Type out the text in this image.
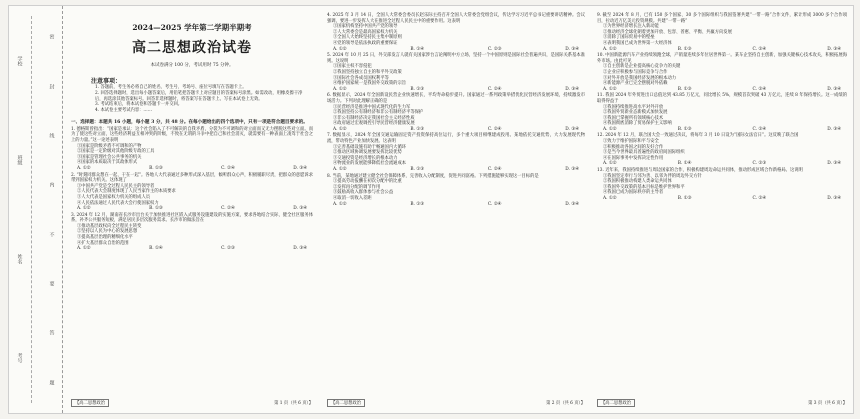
学校
班级
姓名
考号
密
封
线
内
不
要
答
题
2024—2025 学年第二学期半期考
高二思想政治试卷
本试卷满分 100 分，考试用时 75 分钟。
注意事项：
1. 答题前，考生务必将自己的姓名、考生号、考场号、座位号填写在答题卡上。
2. 回答选择题时，选出每小题答案后，用铅笔把答题卡上对应题目的答案标号涂黑。如需改动，用橡皮擦干净后，再选涂其他答案标号。回答非选择题时，将答案写在答题卡上。写在本试卷上无效。
3. 考试结束后，将本试卷和答题卡一并交回。
4. 本试卷主要考试内容：……
一、选择题：本题共 16 小题，每小题 3 分，共 48 分。在每小题给出的四个选项中，只有一项是符合题目要求的。
1. 德格斯曾指出：“国家是承认：这个社会陷入了不可解决的自我矛盾，分裂为不可调和的对立面而又无力摆脱这些对立面。而为了使这些对立面，这些经济利益互相冲突的阶级，不致在无谓的斗争中把自己和社会消灭，就需要有一种表面上凌驾于社会之上的力量。”这一论述表明
①国家是阶级矛盾不可调和的产物
②国家是一定阶级对其他阶级专政的工具
③国家是管理社会公共事务的机关
④国家的本质取决于其政体形式
A. ①②	B. ①③	C. ②④	D. ③④
2. “时刻同群众想在一起、干在一起”。各地人大代表通过多种形式深入基层，倾听群众心声，积极履职尽责，把群众的意愿诉求带到国家权力机关。这体现了
①中国共产党是全过程人民民主的领导者
②人民代表大会制度体现了人民当家作主的本质要求
③人大代表是国家权力机关的组成人员
④人民依法通过人民代表大会行使国家权力
A. ①②	B. ①③	C. ②④	D. ③④
3. 2024 年 12 月，湖南省长沙市出台关于加快推进社区嵌入式服务设施建设的实施方案，要求各地结合实际，健全社区服务体系，补齐公共服务短板，满足居民多层次服务需求。长沙市的做法旨在
①推动基层政权向全过程民主转变
②坚持以人民为中心的发展思想
③提高基层治理的精细化水平
④扩大基层群众自治的范围
A. ①②	B. ①④	C. ②③	D. ③④
4. 2025 年 3 月 14 日，全国人大常委会委员长赵乐际主持召开全国人大常委会党组会议，传达学习习近平总书记重要讲话精神。会议强调，要进一步发挥人大在推进全过程人民民主中的重要作用。这表明
①国家机构坚持中国共产党的领导
②人大常委会是最高国家权力机关
③全国人大始终坚持民主集中制原则
④党的领导是依法执政的重要保证
A. ①②	B. ①④	C. ②③	D. ③④
5. 2024 年 10 月 25 日，外交部发言人就有关国家涉台言论阐明中方立场，坚持一个中国原则是国际社会普遍共识，是国际关系基本准则。这说明
①国家主权不容侵犯
②我国坚持独立自主的和平外交政策
③国际社会各成员国权利平等
④维护国家统一是我国外交政策的宗旨
A. ①②	B. ①③	C. ②④	D. ③④
6. 数据显示，2024 年全国新设民营企业快速增长，平均寿命稳步提升。国家通过一系列政策举措优化民营经济发展环境，持续激发市场活力。下列对此理解正确的是
①民营经济是推进中国式现代化的生力军
②我国坚持公有制经济和非公有制经济平等保护
③非公有制经济决定我国社会主义经济性质
④政府通过宏观调控引导民营经济健康发展
A. ①②	B. ①③	C. ②④	D. ③④
7. 数据显示，2024 年全国交通运输固定资产投资保持高位运行，多个重大项目相继建成投用。某地依托交通优势，大力发展现代物流，带动特色产业加快发展。这表明
①完善基础设施有助于畅通国内大循环
②推动区域协调发展要发挥比较优势
③交通投资是经济增长的根本动力
④物流业的发展能够降低社会流通成本
A. ①②	B. ①③	C. ②④	D. ③④
8. 当前，某地通过建立健全社会保障体系、完善收入分配制度，促进共同富裕。下列措施能够实现这一目标的是
①提高劳动报酬在初次分配中的比重
②发挥再分配的调节作用
③鼓励高收入群体参与社会公益
④取消一切收入差距
A. ①②	B. ①③	C. ②④	D. ③④
9. 截至 2024 年 8 月，已有 150 多个国家、30 多个国际组织与我国签署共建“一带一路”合作文件，累计形成 3000 多个合作项目，拉动近万亿美元投资规模。共建“一带一路”
①为世界经济增长注入新动能
②推动经济全球化朝着更加开放、包容、普惠、平衡、共赢方向发展
③消除了国际贸易中的壁垒
④表明我国已成为世界第一大经济体
A. ①②	B. ①③	C. ②④	D. ③④
10. 中国新能源汽车产业持续领跑全球，产销量连续多年位居世界第一。某车企坚持自主创新，加强关键核心技术攻关，积极拓展海外市场。由此可见
①自主创新是企业提高核心竞争力的关键
②企业应积极参与国际竞争与合作
③对外开放是我国经济发展的根本动力
④新能源产业已完全摆脱对外依赖
A. ①②	B. ①③	C. ②④	D. ③④
11. 我国 2024 年外贸进出口总值达到 43.85 万亿元，同比增长 5%，规模首次突破 43 万亿元，连续 8 年保持增长。这一成绩的取得得益于
①我国持续推进高水平对外开放
②我国外贸新业态新模式加快发展
③我国已掌握所有领域核心技术
④我国彻底消除了贸易保护主义影响
A. ①②	B. ①③	C. ②④	D. ③④
12. 2024 年 12 月，联合国大会一致通过决议，将每年 3 月 10 日设为“国际女法官日”。这反映了联合国
①致力于维护国际和平与安全
②积极推动各国之间的友好合作
③是当今世界最具普遍性的政府间国际组织
④在国际事务中发挥决定性作用
A. ①②	B. ①④	C. ②③	D. ③④
13. 近年来，我国持续推进与周边国家的合作，积极构建周边命运共同体，推动形成区域合作新格局。这说明
①我国坚定奉行与邻为善、以邻为伴的周边外交方针
②我国积极推动构建人类命运共同体
③我国外交政策的基本目标是维护世界和平
④我国已成为国际秩序的主导者
A. ①②	B. ①③	C. ②④	D. ③④
【高二思想政治	第 1 页（共 6 页）】	【高二思想政治	第 2 页（共 6 页）】	【高二思想政治	第 3 页（共 6 页）】
